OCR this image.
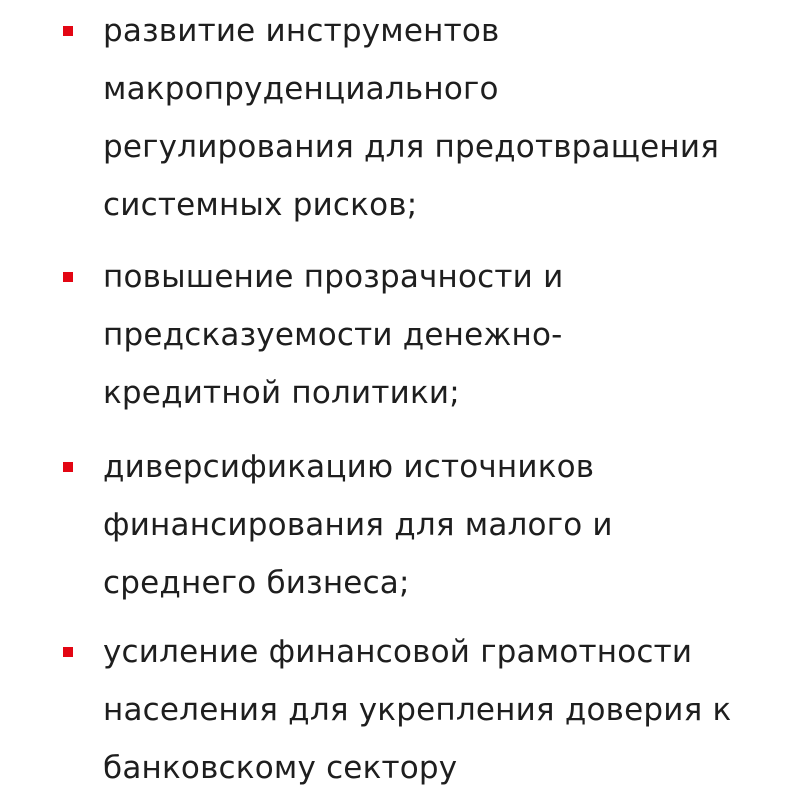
развитие инструментов
макропруденциального
регулирования для предотвращения
системных рисков;
повышение прозрачности и
предсказуемости денежно-
кредитной политики;
диверсификацию источников
финансирования для малого и
среднего бизнеса;
усиление финансовой грамотности
населения для укрепления доверия к
банковскому сектору
